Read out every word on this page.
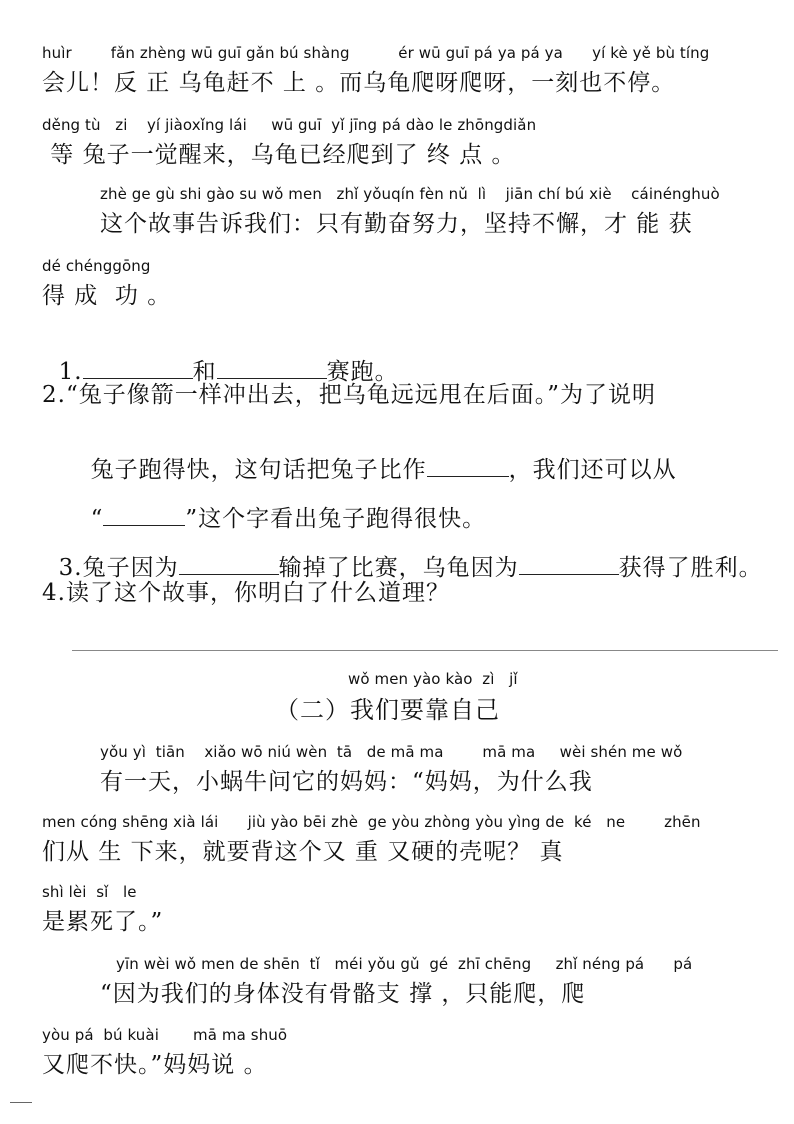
huìr        fǎn zhèng wū guī gǎn bú shàng          ér wū guī pá ya pá ya      yí kè yě bù tíng
会儿！反 正 乌龟赶不 上 。而乌龟爬呀爬呀，一刻也不停。
děng tù   zi    yí jiàoxǐng lái     wū guī  yǐ jīng pá dào le zhōngdiǎn
等 兔子一觉醒来，乌龟已经爬到了 终 点 。
zhè ge gù shi gào su wǒ men   zhǐ yǒuqín fèn nǔ  lì    jiān chí bú xiè    cáinénghuò
这个故事告诉我们：只有勤奋努力，坚持不懈，才 能 获
dé chénggōng
得 成  功 。

1.	和	赛跑。

2.“兔子像箭一样冲出去，把乌龟远远甩在后面。”为了说明

兔子跑得快，这句话把兔子比作	，我们还可以从

“	”这个字看出兔子跑得很快。

3.兔子因为	输掉了比赛，乌龟因为	获得了胜利。

4.读了这个故事，你明白了什么道理？
wǒ men yào kào  zì   jǐ
（二）我们要靠自己
yǒu yì  tiān    xiǎo wō niú wèn  tā   de mā ma        mā ma     wèi shén me wǒ
有一天，小蜗牛问它的妈妈：“妈妈，为什么我
men cóng shēng xià lái      jiù yào bēi zhè  ge yòu zhòng yòu yìng de  ké   ne        zhēn
们从 生 下来，就要背这个又 重 又硬的壳呢？ 真
shì lèi  sǐ   le
是累死了。”
yīn wèi wǒ men de shēn  tǐ   méi yǒu gǔ  gé  zhī chēng     zhǐ néng pá      pá
“因为我们的身体没有骨骼支 撑 ，只能爬，爬
yòu pá  bú kuài       mā ma shuō
又爬不快。”妈妈说 。
